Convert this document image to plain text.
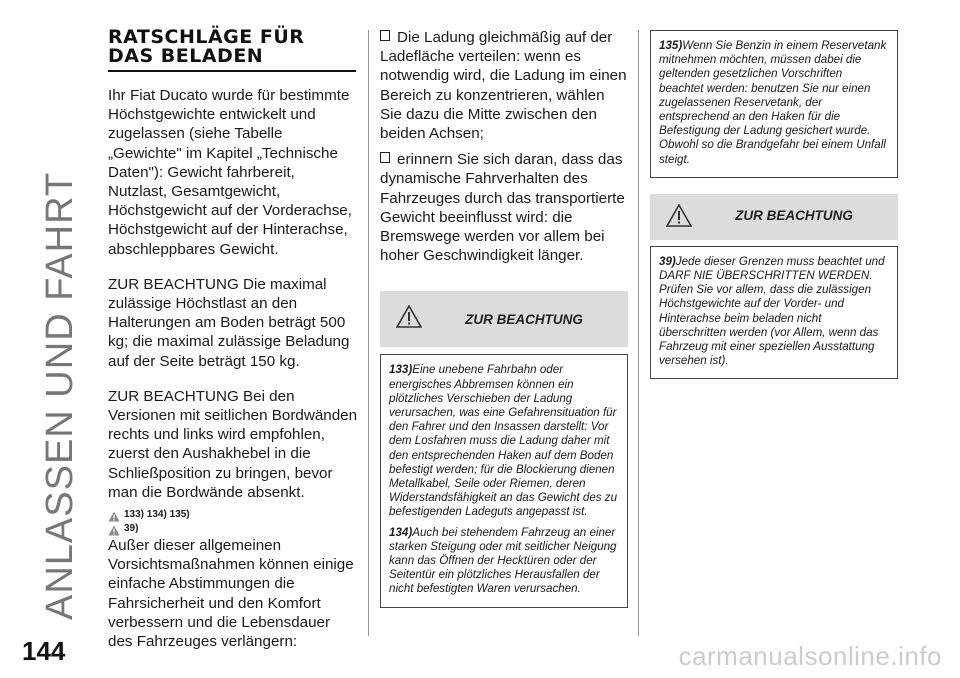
ANLASSEN UND FAHRT
144	carmanualsonline.info
RATSCHLÄGE FÜR DAS BELADEN

Ihr Fiat Ducato wurde für bestimmte Höchstgewichte entwickelt und zugelassen (siehe Tabelle „Gewichte" im Kapitel „Technische Daten"): Gewicht fahrbereit, Nutzlast, Gesamtgewicht, Höchstgewicht auf der Vorderachse, Höchstgewicht auf der Hinterachse, abschleppbares Gewicht.

ZUR BEACHTUNG Die maximal zulässige Höchstlast an den Halterungen am Boden beträgt 500 kg; die maximal zulässige Beladung auf der Seite beträgt 150 kg.

ZUR BEACHTUNG Bei den Versionen mit seitlichen Bordwänden rechts und links wird empfohlen, zuerst den Aushakhebel in die Schließposition zu bringen, bevor man die Bordwände absenkt.

133) 134) 135)
39)

Außer dieser allgemeinen Vorsichtsmaßnahmen können einige einfache Abstimmungen die Fahrsicherheit und den Komfort verbessern und die Lebensdauer des Fahrzeuges verlängern:

Die Ladung gleichmäßig auf der Ladefläche verteilen: wenn es notwendig wird, die Ladung im einen Bereich zu konzentrieren, wählen Sie dazu die Mitte zwischen den beiden Achsen;
erinnern Sie sich daran, dass das dynamische Fahrverhalten des Fahrzeuges durch das transportierte Gewicht beeinflusst wird: die Bremswege werden vor allem bei hoher Geschwindigkeit länger.
ZUR BEACHTUNG

133)Eine unebene Fahrbahn oder energisches Abbremsen können ein plötzliches Verschieben der Ladung verursachen, was eine Gefahrensituation für den Fahrer und den Insassen darstellt: Vor dem Losfahren muss die Ladung daher mit den entsprechenden Haken auf dem Boden befestigt werden; für die Blockierung dienen Metallkabel, Seile oder Riemen, deren Widerstandsfähigkeit an das Gewicht des zu befestigenden Ladeguts angepasst ist.

134)Auch bei stehendem Fahrzeug an einer starken Steigung oder mit seitlicher Neigung kann das Öffnen der Hecktüren oder der Seitentür ein plötzliches Herausfallen der nicht befestigten Waren verursachen.

135)Wenn Sie Benzin in einem Reservetank mitnehmen möchten, müssen dabei die geltenden gesetzlichen Vorschriften beachtet werden: benutzen Sie nur einen zugelassenen Reservetank, der entsprechend an den Haken für die Befestigung der Ladung gesichert wurde. Obwohl so die Brandgefahr bei einem Unfall steigt.

ZUR BEACHTUNG

39)Jede dieser Grenzen muss beachtet und DARF NIE ÜBERSCHRITTEN WERDEN. Prüfen Sie vor allem, dass die zulässigen Höchstgewichte auf der Vorder- und Hinterachse beim beladen nicht überschritten werden (vor Allem, wenn das Fahrzeug mit einer speziellen Ausstattung versehen ist).
